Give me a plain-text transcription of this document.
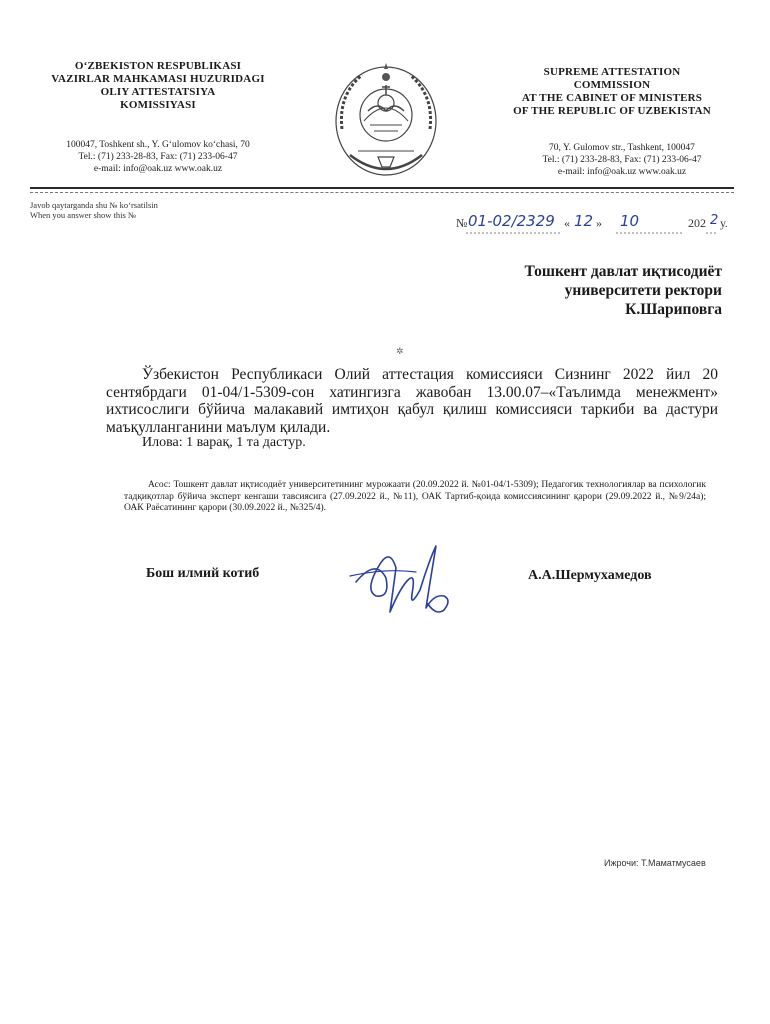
O‘ZBEKISTON RESPUBLIKASI
VAZIRLAR MAHKAMASI HUZURIDAGI
OLIY ATTESTATSIYA
KOMISSIYASI
100047, Toshkent sh., Y. G‘ulomov ko‘chasi, 70
Tel.: (71) 233-28-83, Fax: (71) 233-06-47
e-mail: info@oak.uz www.oak.uz
SUPREME ATTESTATION
COMMISSION
AT THE CABINET OF MINISTERS
OF THE REPUBLIC OF UZBEKISTAN
70, Y. Gulomov str., Tashkent, 100047
Tel.: (71) 233-28-83, Fax: (71) 233-06-47
e-mail: info@oak.uz www.oak.uz
Javob qaytarganda shu № ko‘rsatilsin
When you answer show this №
№ 01-02/2329 « 12 » 10	202 2 у.
Тошкент давлат иқтисодиёт
университети ректори
К.Шариповга
✲
Ўзбекистон Республикаси Олий аттестация комиссияси Сизнинг 2022 йил 20 сентябрдаги 01-04/1-5309-сон хатингизга жавобан 13.00.07–«Таълимда менежмент» ихтисослиги бўйича малакавий имтиҳон қабул қилиш комиссияси таркиби ва дастури маъқулланганини маълум қилади.
Илова: 1 варақ, 1 та дастур.
Асос: Тошкент давлат иқтисодиёт университетининг мурожаати (20.09.2022 й. №01-04/1-5309); Педагогик технологиялар ва психологик тадқиқотлар бўйича эксперт кенгаши тавсиясига (27.09.2022 й., №11), ОАК Тартиб-қоида комиссиясининг қарори (29.09.2022 й., №9/24а); ОАК Раёсатининг қарори (30.09.2022 й., №325/4).
Бош илмий котиб	А.А.Шермухамедов
Ижрочи: Т.Маматмусаев
